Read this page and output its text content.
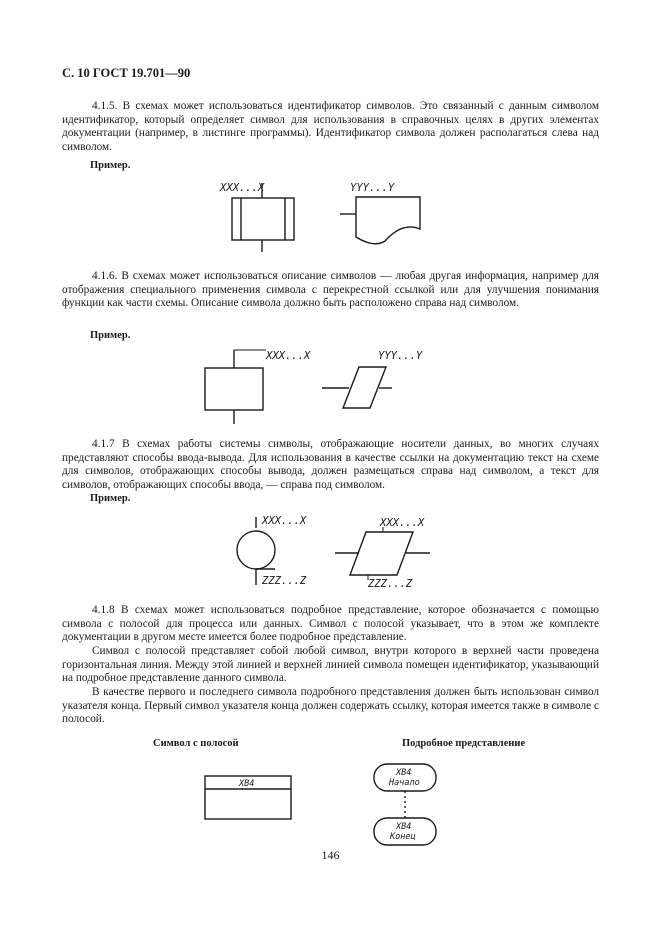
С. 10 ГОСТ 19.701—90
4.1.5. В схемах может использоваться идентификатор символов. Это связанный с данным символом идентификатор, который определяет символ для использования в справочных целях в других элементах документации (например, в листинге программы). Идентификатор символа должен располагаться слева над символом.
Пример.
4.1.6. В схемах может использоваться описание символов — любая другая информация, например для отображения специального применения символа с перекрестной ссылкой или для улучшения понимания функции как части схемы. Описание символа должно быть расположено справа над символом.
Пример.
4.1.7 В схемах работы системы символы, отображающие носители данных, во многих случаях представляют способы ввода-вывода. Для использования в качестве ссылки на документацию текст на схеме для символов, отображающих способы вывода, должен размещаться справа над символом, а текст для символов, отображающих способы ввода, — справа под символом.
Пример.
4.1.8 В схемах может использоваться подробное представление, которое обозначается с помощью символа с полосой для процесса или данных. Символ с полосой указывает, что в этом же комплекте документации в другом месте имеется более подробное представление.
Символ с полосой представляет собой любой символ, внутри которого в верхней части проведена горизонтальная линия. Между этой линией и верхней линией символа помещен идентификатор, указывающий на подробное представление данного символа.
В качестве первого и последнего символа подробного представления должен быть использован символ указателя конца. Первый символ указателя конца должен содержать ссылку, которая имеется также в символе с полосой.
Символ с полосой	Подробное представление
XXX...X	YYY...Y
XXX...X	YYY...Y
XXX...X
ZZZ...Z
XXX...X
ZZZ...Z
XB4
XB4
Начало
XB4
Конец
146
